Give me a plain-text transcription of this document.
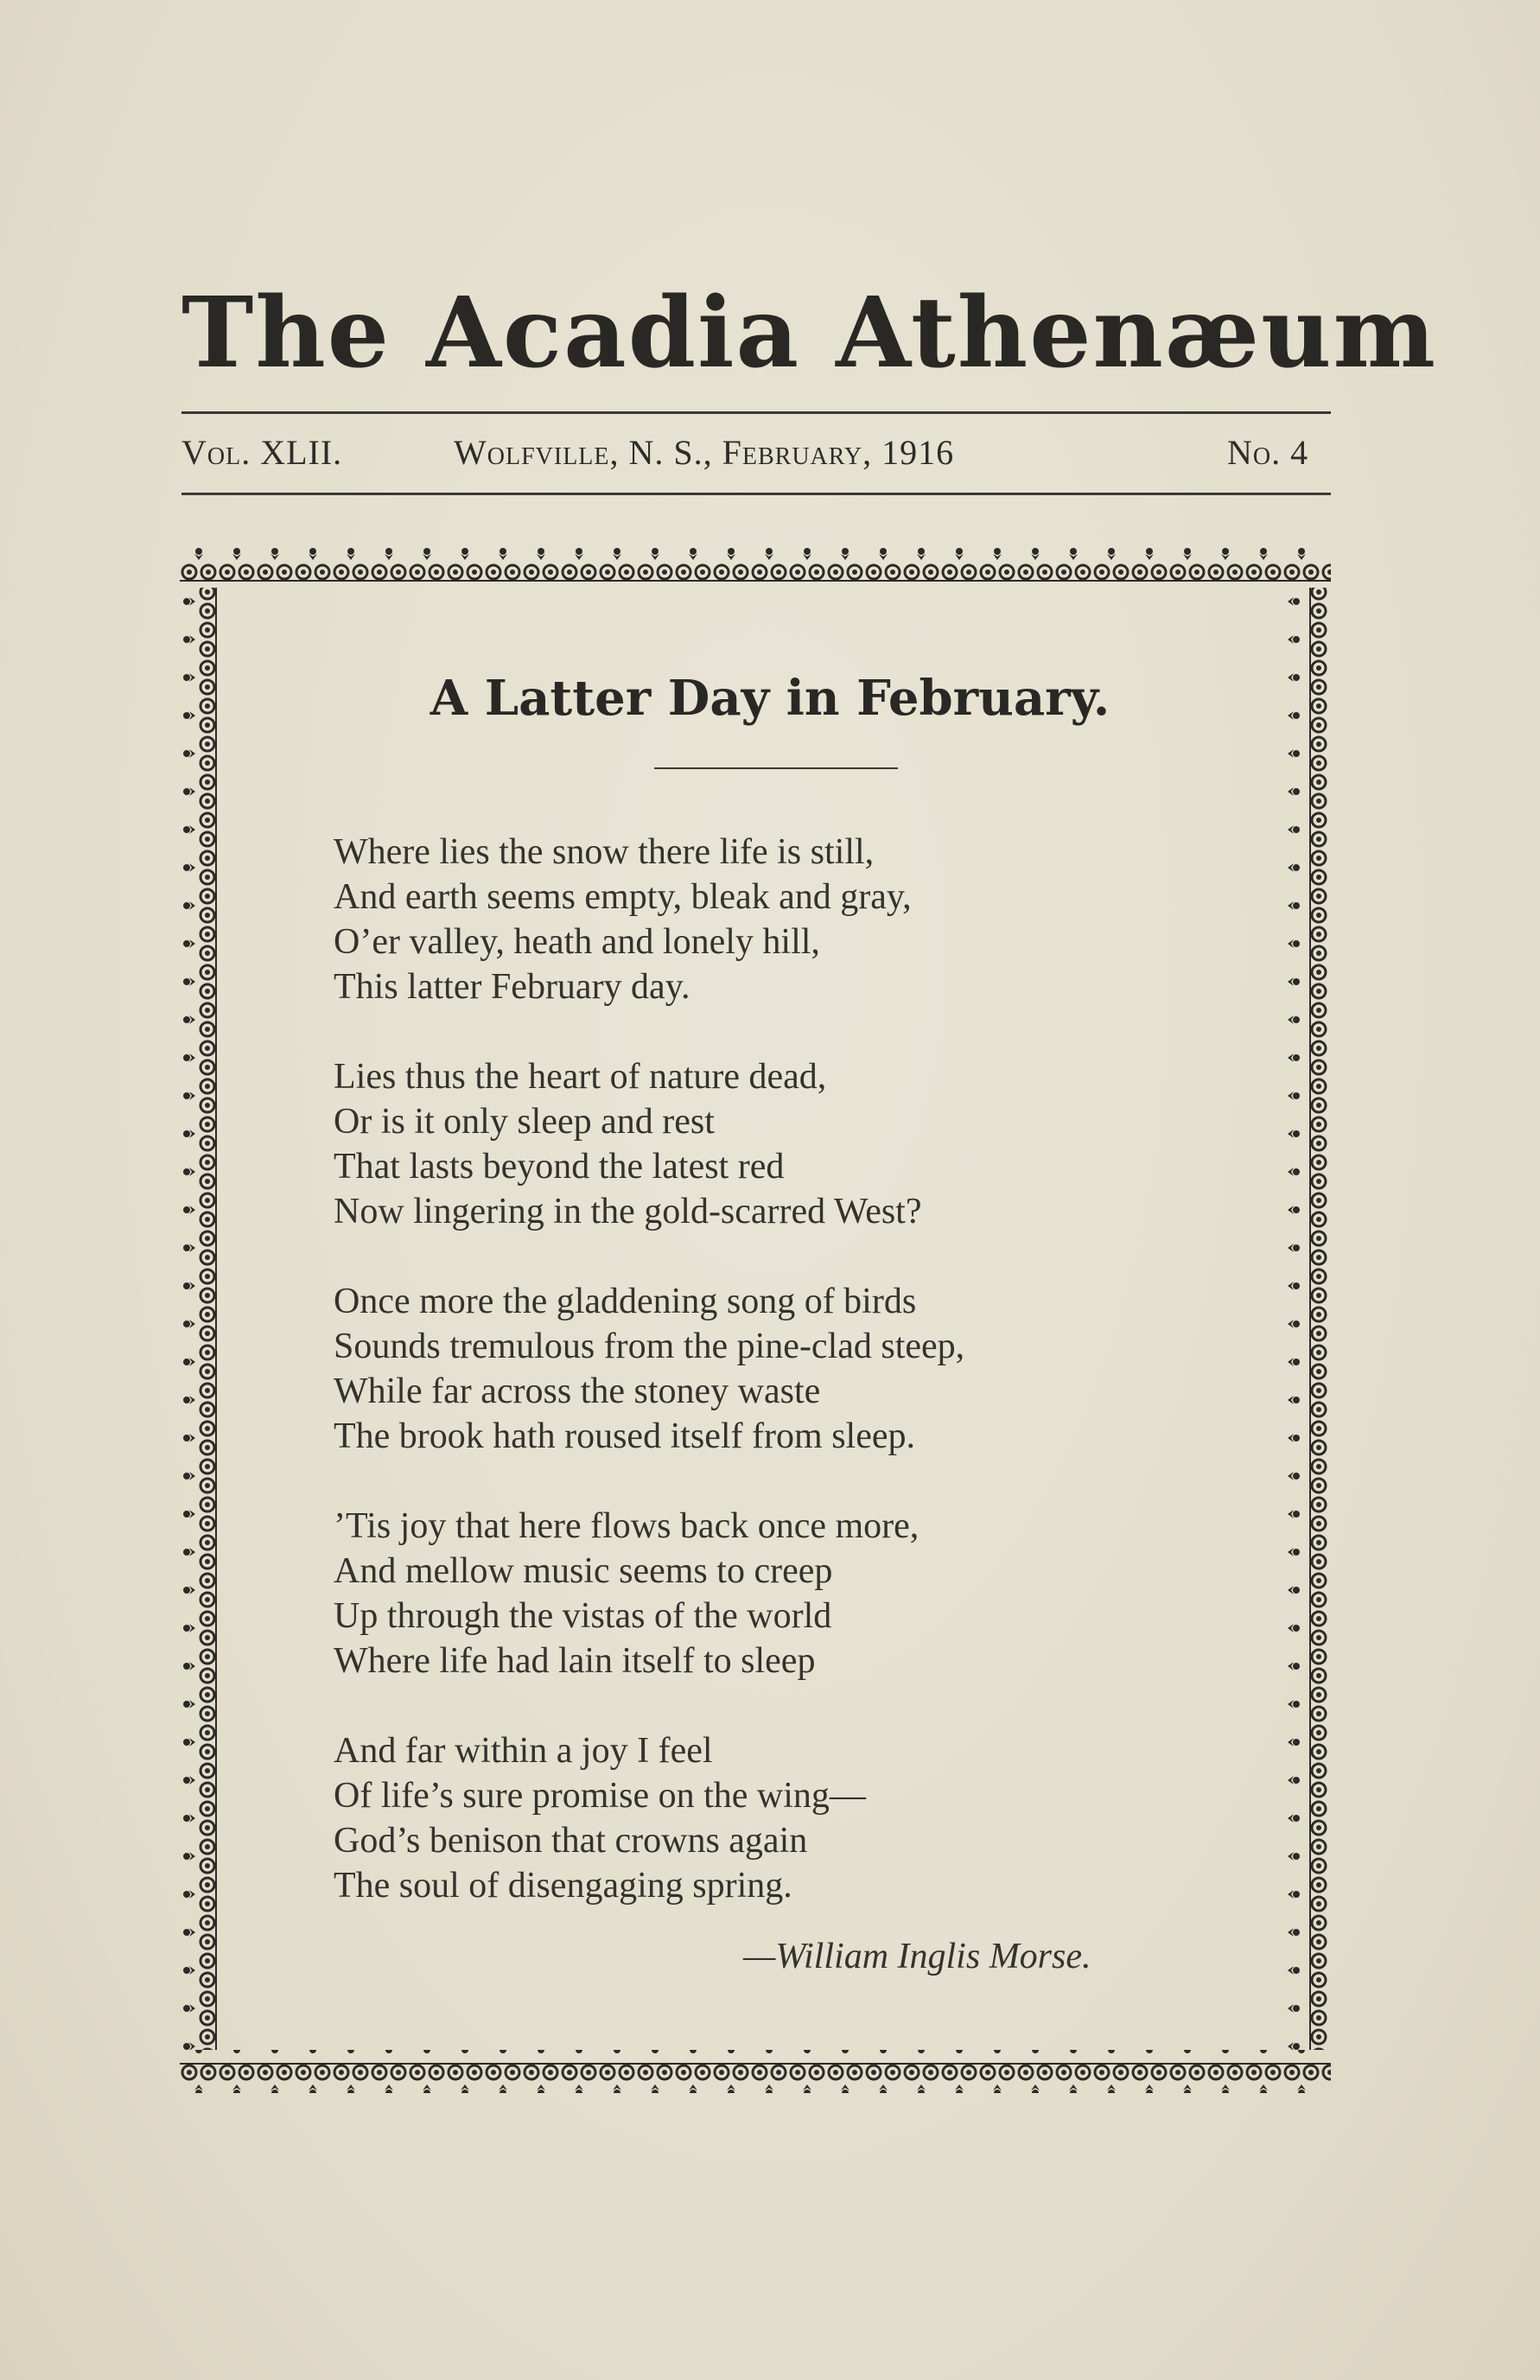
The Acadia Athenæum
Vol. XLII.	Wolfville, N. S., February, 1916	No. 4
A Latter Day in February.
Where lies the snow there life is still,
And earth seems empty, bleak and gray,
O’er valley, heath and lonely hill,
This latter February day.
Lies thus the heart of nature dead,
Or is it only sleep and rest
That lasts beyond the latest red
Now lingering in the gold-scarred West?
Once more the gladdening song of birds
Sounds tremulous from the pine-clad steep,
While far across the stoney waste
The brook hath roused itself from sleep.
’Tis joy that here flows back once more,
And mellow music seems to creep
Up through the vistas of the world
Where life had lain itself to sleep
And far within a joy I feel
Of life’s sure promise on the wing—
God’s benison that crowns again
The soul of disengaging spring.
—William Inglis Morse.
